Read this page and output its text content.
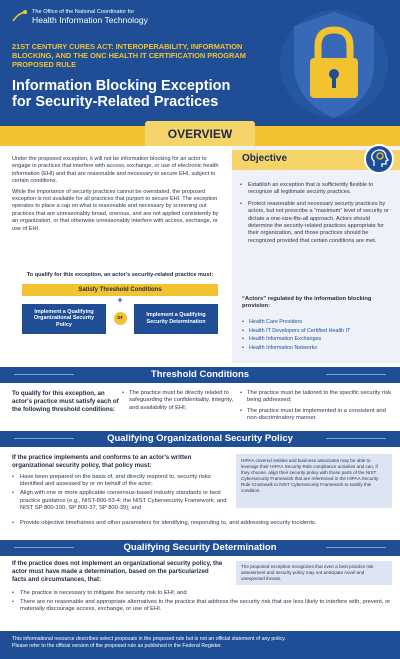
The Office of the National Coordinator for
Health Information Technology
21ST CENTURY CURES ACT: INTEROPERABILITY, INFORMATION BLOCKING, AND THE ONC HEALTH IT CERTIFICATION PROGRAM PROPOSED RULE
Information Blocking Exception
for Security-Related Practices
OVERVIEW

Under the proposed exception, it will not be information blocking for an actor to engage in practices that interfere with access, exchange, or use of electronic health information (EHI) and that are reasonable and necessary to secure EHI, subject to certain conditions.

While the importance of security practices cannot be overstated, the proposed exception is not available for all practices that purport to secure EHI. The exception operates to place a cap on what is reasonable and necessary by screening out practices that are unreasonably broad, onerous, and are not applied consistently by an organization, or that otherwise unreasonably interfere with access, exchange, or use of EHI.

To qualify for this exception, an actor's security-related practice must:
Satisfy Threshold Conditions
+
Implement a Qualifying Organizational Security Policy
or
Implement a Qualifying Security Determination
Objective
• Establish an exception that is sufficiently flexible to recognize all legitimate security practices.
• Protect reasonable and necessary security practices by actors, but not prescribe a “maximum” level of security or dictate a one-size-fits-all approach. Actors should determine the security-related practices appropriate for their organization, and those practices should be recognized provided that certain conditions are met.
“Actors” regulated by the information blocking provision:
• Health Care Providers
• Health IT Developers of Certified Health IT
• Health Information Exchanges
• Health Information Networks
Threshold Conditions
To qualify for this exception, an actor's practice must satisfy each of the following threshold conditions:
• The practice must be directly related to safeguarding the confidentiality, integrity, and availability of EHI;
• The practice must be tailored to the specific security risk being addressed;
• The practice must be implemented in a consistent and non-discriminatory manner.
Qualifying Organizational Security Policy
If the practice implements and conforms to an actor's written organizational security policy, that policy must:
• Have been prepared on the basis of, and directly respond to, security risks identified and assessed by or on behalf of the actor;
• Align with one or more applicable consensus-based industry standards or best practice guidance (e.g., NIST-800-53-4; the NIST Cybersecurity Framework; and NIST SP 800-100, SP 800-37, SP 800-39); and
• Provide objective timeframes and other parameters for identifying, responding to, and addressing security incidents.
HIPAA covered entities and business associates may be able to leverage their HIPAA Security Rule compliance activities and can, if they choose, align their security policy with those parts of the NIST Cybersecurity Framework that are referenced in the HIPAA Security Rule Crosswalk to NIST Cybersecurity Framework to satisfy this condition.
Qualifying Security Determination
If the practice does not implement an organizational security policy, the actor must have made a determination, based on the particularized facts and circumstances, that:
The proposed exception recognizes that even a best practice risk assessment and security policy may not anticipate novel and unexpected threats.
• The practice is necessary to mitigate the security risk to EHI; and
• There are no reasonable and appropriate alternatives to the practice that address the security risk that are less likely to interfere with, prevent, or materially discourage access, exchange, or use of EHI.
This informational resource describes select proposals in the proposed rule but is not an official statement of any policy.
Please refer to the official version of the proposed rule as published in the Federal Register.
